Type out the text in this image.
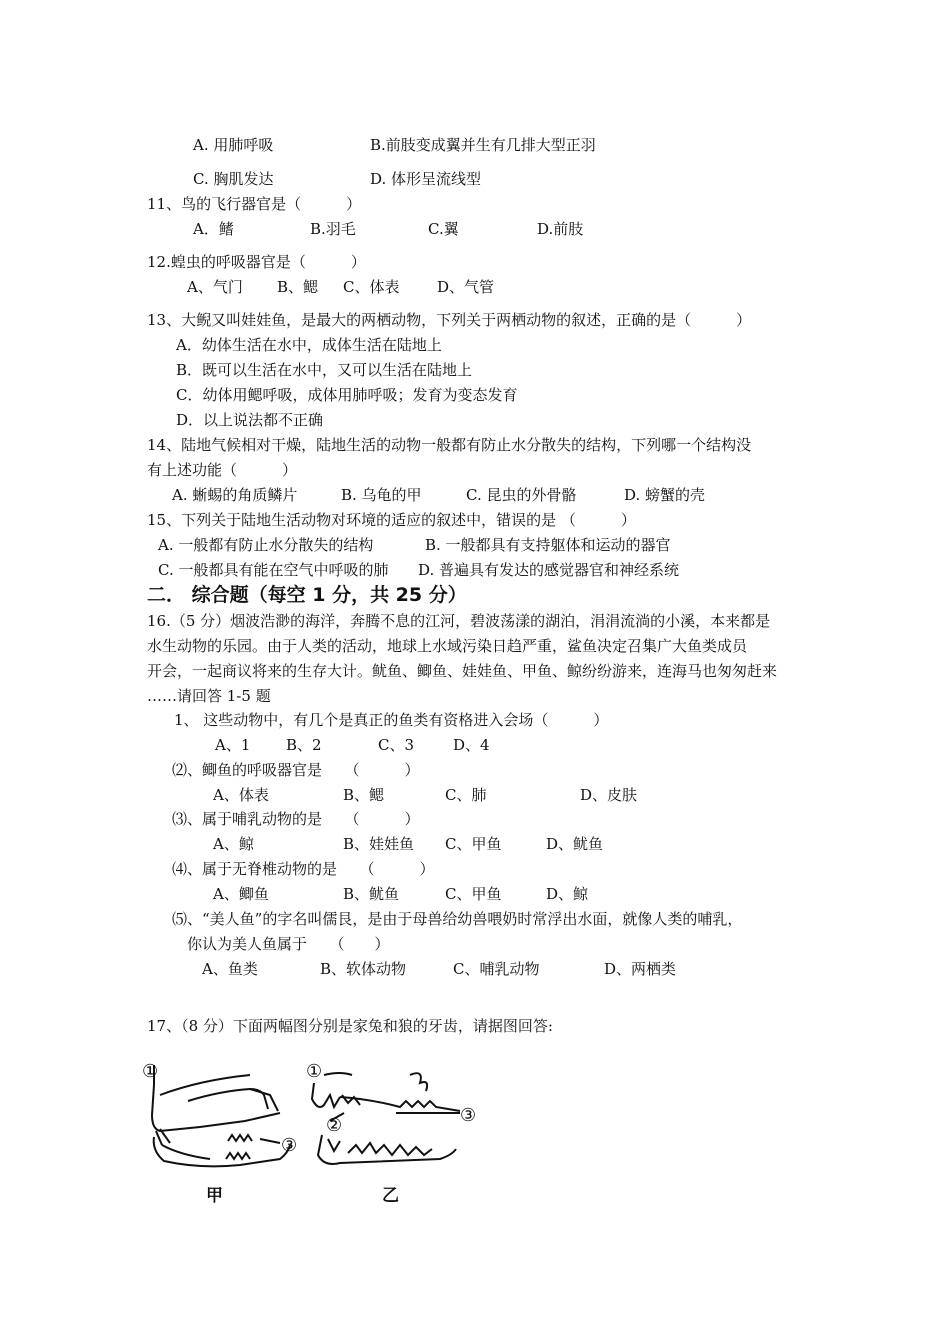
A. 用肺呼吸	B.前肢变成翼并生有几排大型正羽
C. 胸肌发达	D. 体形呈流线型
11、鸟的飞行器官是（　　　）
A．鳍	B.羽毛	C.翼	D.前肢
12.蝗虫的呼吸器官是（　　　）
A、气门 B、鳃 C、体表	D、气管
13、大鲵又叫娃娃鱼，是最大的两栖动物，下列关于两栖动物的叙述，正确的是（　　　）
A．幼体生活在水中，成体生活在陆地上
B．既可以生活在水中，又可以生活在陆地上
C．幼体用鳃呼吸，成体用肺呼吸；发育为变态发育
D．以上说法都不正确
14、陆地气候相对干燥，陆地生活的动物一般都有防止水分散失的结构，下列哪一个结构没
有上述功能（　　　）
A. 蜥蜴的角质鳞片	B. 乌龟的甲	C. 昆虫的外骨骼	D. 螃蟹的壳
15、下列关于陆地生活动物对环境的适应的叙述中，错误的是 （　　　）
A. 一般都有防止水分散失的结构	B. 一般都具有支持躯体和运动的器官
C. 一般都具有能在空气中呼吸的肺 D. 普遍具有发达的感觉器官和神经系统
二． 综合题（每空 1 分，共 25 分）
16.（5 分）烟波浩渺的海洋，奔腾不息的江河，碧波荡漾的湖泊，涓涓流淌的小溪，本来都是
水生动物的乐园。由于人类的活动，地球上水域污染日趋严重，鲨鱼决定召集广大鱼类成员
开会，一起商议将来的生存大计。鱿鱼、鲫鱼、娃娃鱼、甲鱼、鲸纷纷游来，连海马也匆匆赶来
……请回答 1-5 题
1、 这些动物中，有几个是真正的鱼类有资格进入会场（　　　）
A、1 B、2	C、3	D、4
⑵、鲫鱼的呼吸器官是　　（　　　）
A、体表	B、鳃	C、肺	D、皮肤
⑶、属于哺乳动物的是　　（　　　）
A、鲸	B、娃娃鱼 C、甲鱼	D、鱿鱼
⑷、属于无脊椎动物的是　　（　　　）
A、鲫鱼	B、鱿鱼	C、甲鱼	D、鲸
⑸、“美人鱼”的字名叫儒艮，是由于母兽给幼兽喂奶时常浮出水面，就像人类的哺乳，
你认为美人鱼属于　　（　　）
A、鱼类	B、软体动物	C、哺乳动物	D、两栖类
17、（8 分）下面两幅图分别是家兔和狼的牙齿，请据图回答:
①
③
甲
①
②	③
乙
